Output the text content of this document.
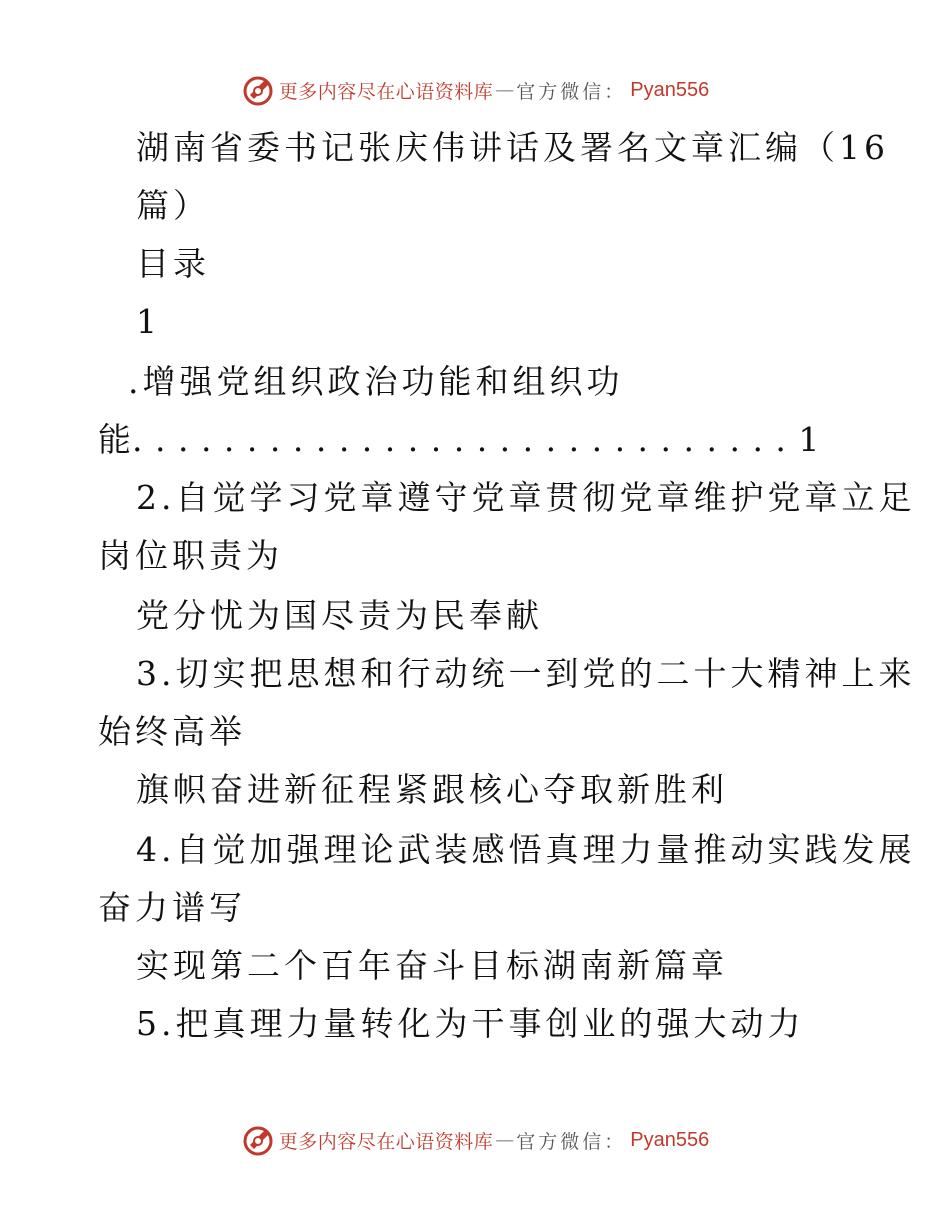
更多内容尽在心语资料库 — 官方微信： Pyan556
湖南省委书记张庆伟讲话及署名文章汇编（16
篇）
目录
1
.增强党组织政治功能和组织功
能. . . . . . . . . . . . . . . . . . . . . . . . . . . . . 1
2.自觉学习党章遵守党章贯彻党章维护党章立足
岗位职责为
党分忧为国尽责为民奉献
3.切实把思想和行动统一到党的二十大精神上来
始终高举
旗帜奋进新征程紧跟核心夺取新胜利
4.自觉加强理论武装感悟真理力量推动实践发展
奋力谱写
实现第二个百年奋斗目标湖南新篇章
5.把真理力量转化为干事创业的强大动力
更多内容尽在心语资料库 — 官方微信： Pyan556
